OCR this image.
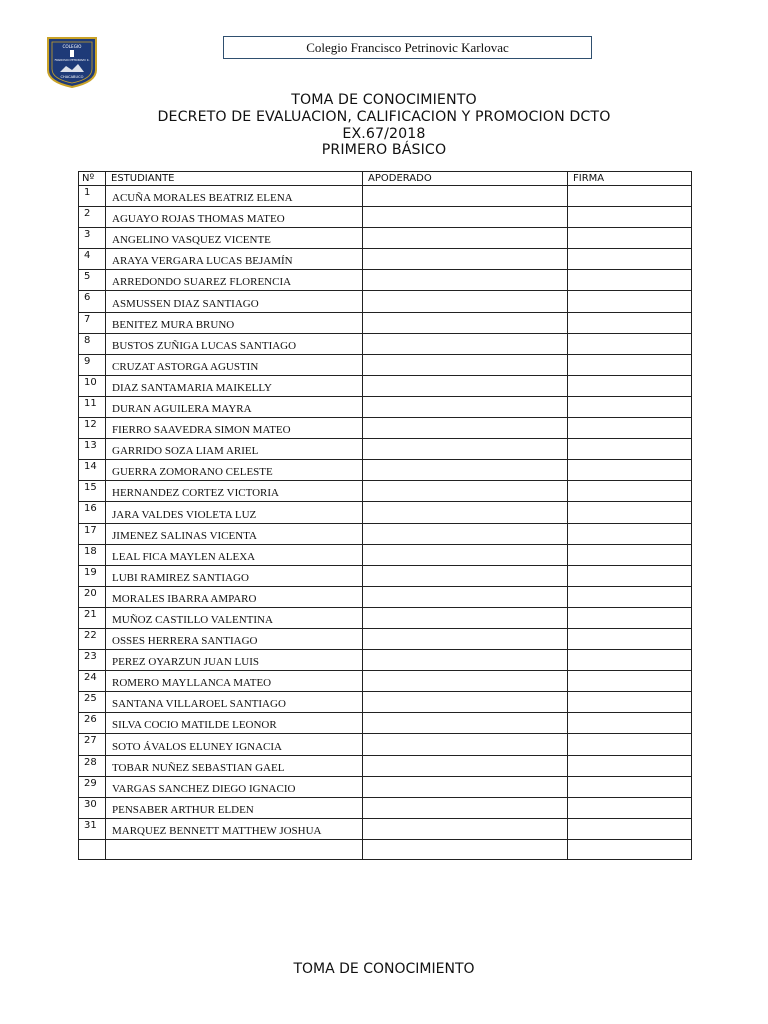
COLEGIO
FRANCISCO PETRINOVIC K.
CHACABUCO
Colegio Francisco Petrinovic Karlovac
TOMA DE CONOCIMIENTO
DECRETO DE EVALUACION, CALIFICACION Y PROMOCION DCTO
EX.67/2018
PRIMERO BÁSICO
Nº	ESTUDIANTE	APODERADO	FIRMA

1	ACUÑA MORALES BEATRIZ ELENA		

2	AGUAYO ROJAS THOMAS MATEO		

3	ANGELINO VASQUEZ VICENTE		

4	ARAYA VERGARA LUCAS BEJAMÍN		

5	ARREDONDO SUAREZ FLORENCIA		

6	ASMUSSEN DIAZ SANTIAGO		

7	BENITEZ MURA BRUNO		

8	BUSTOS ZUÑIGA LUCAS SANTIAGO		

9	CRUZAT ASTORGA AGUSTIN		

10	DIAZ SANTAMARIA MAIKELLY		

11	DURAN AGUILERA MAYRA		

12	FIERRO SAAVEDRA SIMON MATEO		

13	GARRIDO SOZA LIAM ARIEL		

14	GUERRA ZOMORANO CELESTE		

15	HERNANDEZ CORTEZ VICTORIA		

16	JARA VALDES VIOLETA LUZ		

17	JIMENEZ SALINAS VICENTA		

18	LEAL FICA MAYLEN ALEXA		

19	LUBI RAMIREZ SANTIAGO		

20	MORALES IBARRA AMPARO		

21	MUÑOZ CASTILLO VALENTINA		

22	OSSES HERRERA SANTIAGO		

23	PEREZ OYARZUN JUAN LUIS		

24	ROMERO MAYLLANCA MATEO		

25	SANTANA VILLAROEL SANTIAGO		

26	SILVA COCIO MATILDE LEONOR		

27	SOTO ÁVALOS ELUNEY IGNACIA		

28	TOBAR NUÑEZ SEBASTIAN GAEL		

29	VARGAS SANCHEZ DIEGO IGNACIO		

30	PENSABER ARTHUR ELDEN		

31	MARQUEZ BENNETT MATTHEW JOSHUA		

TOMA DE CONOCIMIENTO
